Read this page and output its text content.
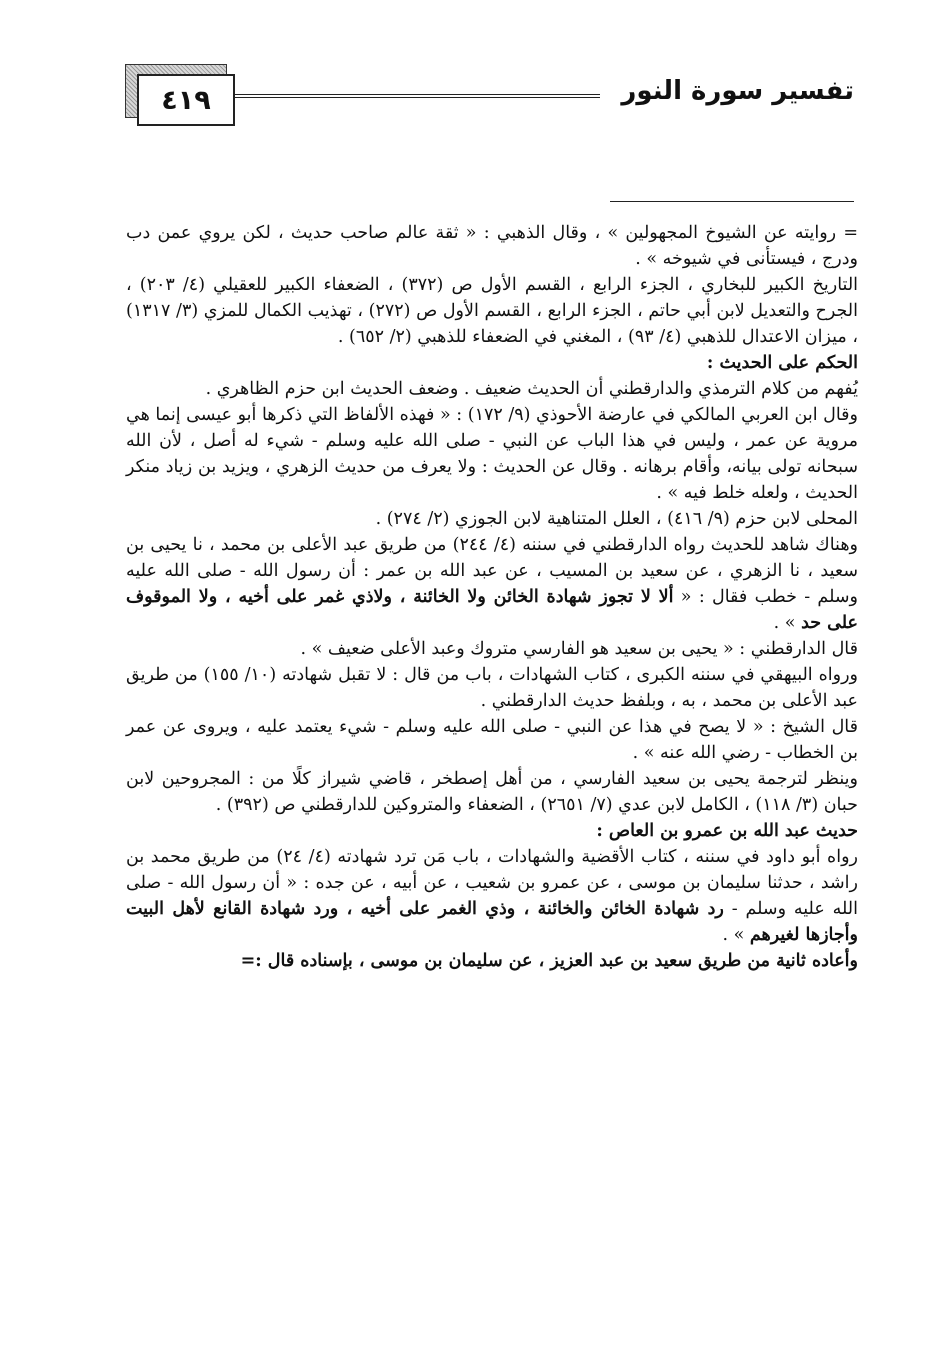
تفسير سورة النور
٤١٩

= روايته عن الشيوخ المجهولين » ، وقال الذهبي : « ثقة عالم صاحب حديث ، لكن يروي عمن دب ودرج ، فيستأنى في شيوخه » .

التاريخ الكبير للبخاري ، الجزء الرابع ، القسم الأول ص (٣٧٢) ، الضعفاء الكبير للعقيلي (٤/ ٢٠٣) ، الجرح والتعديل لابن أبي حاتم ، الجزء الرابع ، القسم الأول ص (٢٧٢) ، تهذيب الكمال للمزي (٣/ ١٣١٧) ، ميزان الاعتدال للذهبي (٤/ ٩٣) ، المغني في الضعفاء للذهبي (٢/ ٦٥٢) .

الحكم على الحديث :

يُفهم من كلام الترمذي والدارقطني أن الحديث ضعيف . وضعف الحديث ابن حزم الظاهري .

وقال ابن العربي المالكي في عارضة الأحوذي (٩/ ١٧٢) : « فهذه الألفاظ التي ذكرها أبو عيسى إنما هي مروية عن عمر ، وليس في هذا الباب عن النبي - صلى الله عليه وسلم - شيء له أصل ، لأن الله سبحانه تولى بيانه، وأقام برهانه . وقال عن الحديث : ولا يعرف من حديث الزهري ، ويزيد بن زياد منكر الحديث ، ولعله خلط فيه » .

المحلى لابن حزم (٩/ ٤١٦) ، العلل المتناهية لابن الجوزي (٢/ ٢٧٤) .

وهناك شاهد للحديث رواه الدارقطني في سننه (٤/ ٢٤٤) من طريق عبد الأعلى بن محمد ، نا يحيى بن سعيد ، نا الزهري ، عن سعيد بن المسيب ، عن عبد الله بن عمر : أن رسول الله - صلى الله عليه وسلم - خطب فقال : « ألا لا تجوز شهادة الخائن ولا الخائنة ، ولاذي غمر على أخيه ، ولا الموقوف على حد » .

قال الدارقطني : « يحيى بن سعيد هو الفارسي متروك وعبد الأعلى ضعيف » .

ورواه البيهقي في سننه الكبرى ، كتاب الشهادات ، باب من قال : لا تقبل شهادته (١٠/ ١٥٥) من طريق عبد الأعلى بن محمد ، به ، وبلفظ حديث الدارقطني .

قال الشيخ : « لا يصح في هذا عن النبي - صلى الله عليه وسلم - شيء يعتمد عليه ، ويروى عن عمر بن الخطاب - رضي الله عنه » .

وينظر لترجمة يحيى بن سعيد الفارسي ، من أهل إصطخر ، قاضي شيراز كلًا من : المجروحين لابن حبان (٣/ ١١٨) ، الكامل لابن عدي (٧/ ٢٦٥١) ، الضعفاء والمتروكين للدارقطني ص (٣٩٢) .

حديث عبد الله بن عمرو بن العاص :

رواه أبو داود في سننه ، كتاب الأقضية والشهادات ، باب مَن ترد شهادته (٤/ ٢٤) من طريق محمد بن راشد ، حدثنا سليمان بن موسى ، عن عمرو بن شعيب ، عن أبيه ، عن جده : « أن رسول الله - صلى الله عليه وسلم - رد شهادة الخائن والخائنة ، وذي الغمر على أخيه ، ورد شهادة القانع لأهل البيت وأجازها لغيرهم » .

وأعاده ثانية من طريق سعيد بن عبد العزيز ، عن سليمان بن موسى ، بإسناده قال :=
